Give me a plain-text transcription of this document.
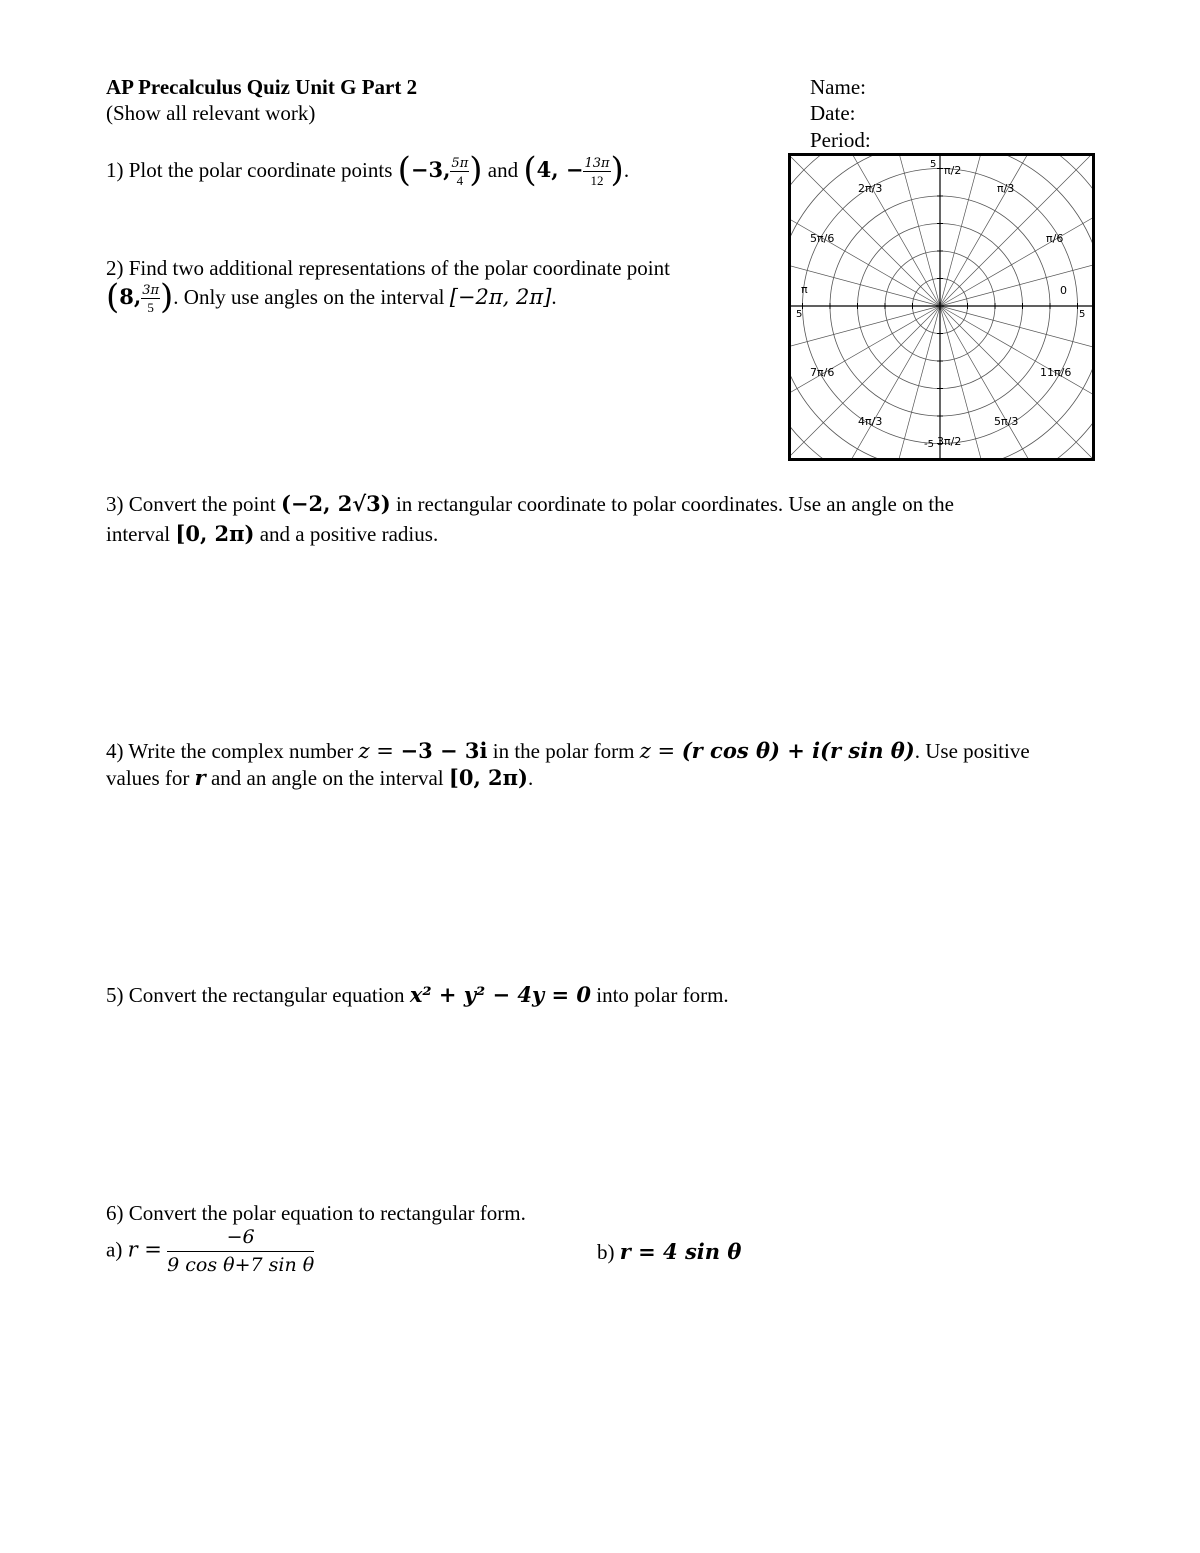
AP Precalculus Quiz Unit G Part 2
(Show all relevant work)
Name:
Date:
Period:
1) Plot the polar coordinate points (−3, $\frac{5\pi}{4}$ ) and (4, − $\frac{13\pi}{12}$ ).
2) Find two additional representations of the polar coordinate point
(8, $\frac{3\pi}{5}$ ). Only use angles on the interval [−2π, 2π].	0
π/6
π/3
π/2
2π/3
5π/6
π
7π/6
4π/3
3π/2
5π/3
11π/6
5
-5
5	5
3) Convert the point (−2, 2√3) in rectangular coordinate to polar coordinates. Use an angle on the
interval [0, 2π) and a positive radius.
4) Write the complex number z = −3 − 3i in the polar form z = (r cos θ) + i(r sin θ). Use positive
values for r and an angle on the interval [0, 2π).
5) Convert the rectangular equation x² + y² − 4y = 0 into polar form.
6) Convert the polar equation to rectangular form.
a) $r = \frac{-6}{\text{9 cos θ+7 sin θ}}$	b) r = 4 sin θ
